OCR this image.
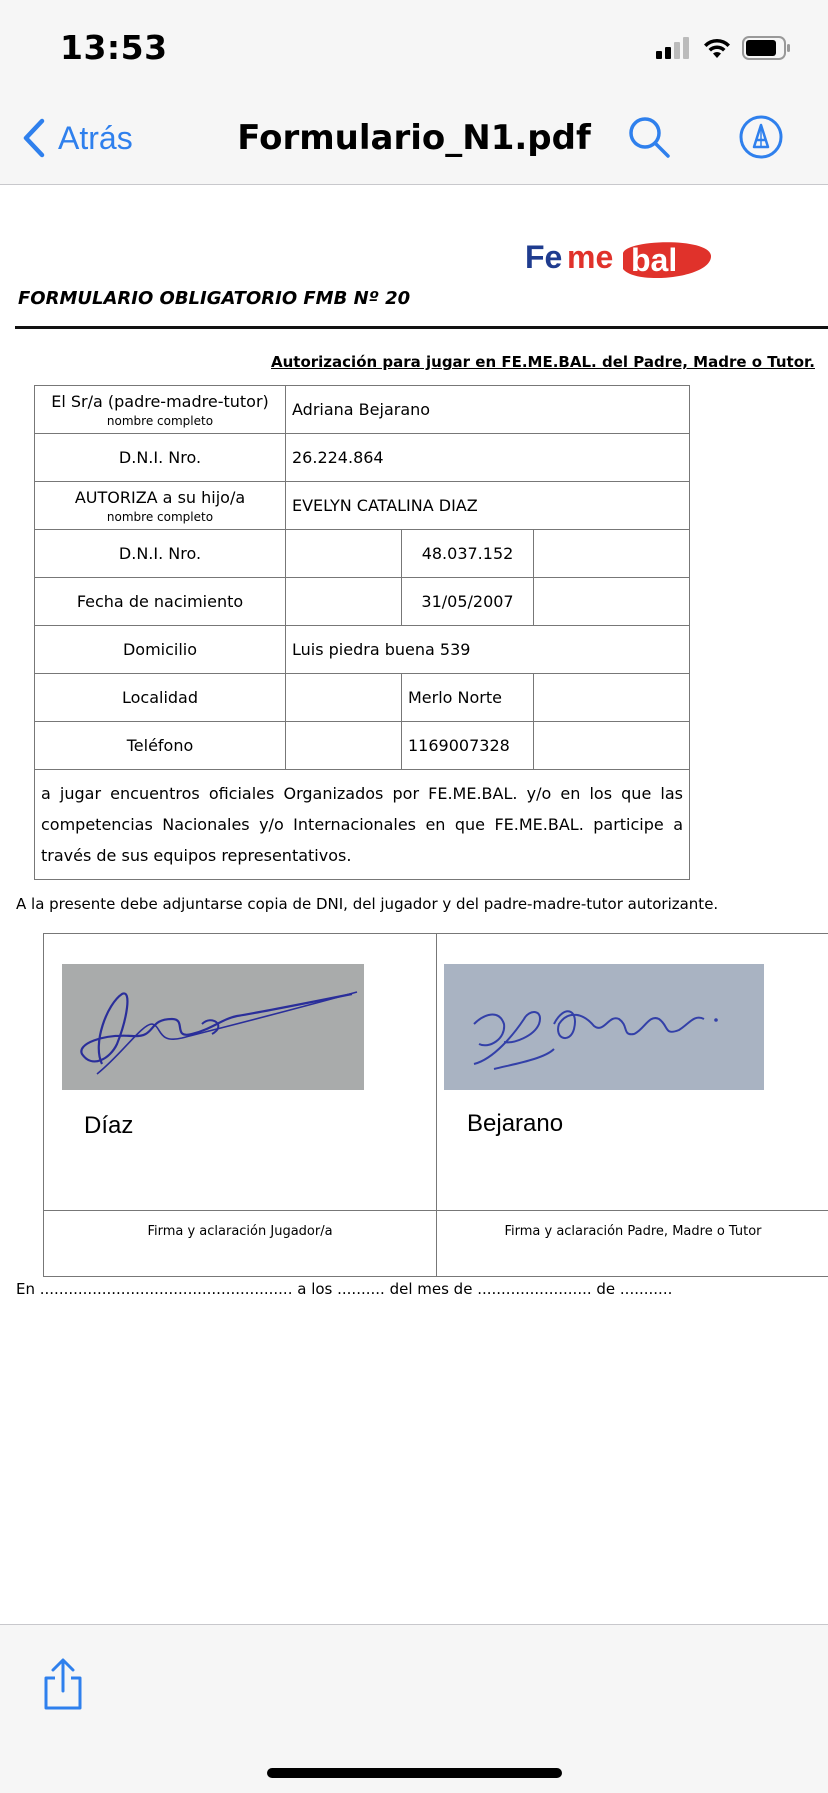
13:53
Atrás	Formulario_N1.pdf
Fe me bal
FORMULARIO OBLIGATORIO FMB Nº 20
Autorización para jugar en FE.ME.BAL. del Padre, Madre o Tutor.
El Sr/a (padre-madre-tutor)
nombre completo	Adriana Bejarano		
D.N.I. Nro.	26.224.864		
AUTORIZA a su hijo/a
nombre completo	EVELYN CATALINA DIAZ		
D.N.I. Nro.		48.037.152	
Fecha de nacimiento		31/05/2007	
Domicilio	Luis piedra buena 539		
Localidad		Merlo Norte	
Teléfono		1169007328	
a jugar encuentros oficiales Organizados por FE.ME.BAL. y/o en los que las competencias Nacionales y/o Internacionales en que FE.ME.BAL. participe a través de sus equipos representativos.			
A la presente debe adjuntarse copia de DNI, del jugador y del padre-madre-tutor autorizante.
Díaz
Firma y aclaración Jugador/a
Bejarano
Firma y aclaración Padre, Madre o Tutor
En ..................................................... a los .......... del mes de ........................ de ...........
